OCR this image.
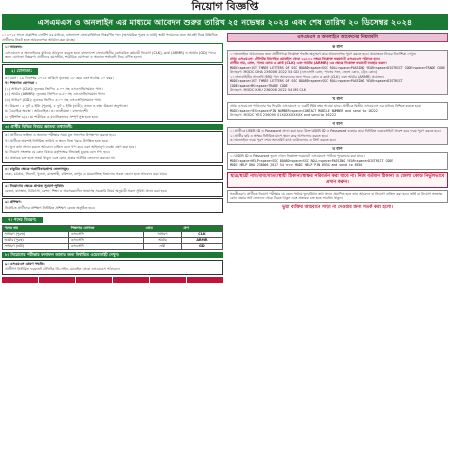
নিয়োগ বিজ্ঞপ্তি
এসএমএস ও অনলাইন এর মাধ্যমে আবেদন শুরুর তারিখ ২৫ নভেম্বর ২০২৪ এবং শেষ তারিখ ২০ ডিসেম্বর ২০২৪
১। ২০২৫ সালে প্রকাশিত নোটিশ এর মাধ্যমে, বাংলাদেশ সেনাবাহিনীতে নিম্নবর্ণিত পদে (অসামরিক পুরুষ ও নারী) স্থায়ী পদায়নের জন্য আগ্রহী নিম্নে উল্লিখিত প্রার্থীদের নিকট হতে আবেদনপত্র আহ্বান করা যাচ্ছে।
১। আবেদন:
এসএমএস ও অনলাইনের মাধ্যমে আবেদন করতে হবে। বাংলাদেশ সেনাবাহিনীর বেসামরিক কর্মচারী নিয়োগ (CLK), ক্লার্ক (ARMR) ও আর্মার (GD) পদের জন্য যোগ্যতা নিম্নরূপ। প্রার্থীদের বয়সসীমা, শারীরিক যোগ্যতা ও অন্যান্য শর্তাবলী নিচে বর্ণিত হলো।
২। যোগ্যতা:
ক। বয়স : ২৬ ডিসেম্বর ২০২৪ তারিখে ন্যূনতম ১৮ বছর এবং সর্বোচ্চ ২০ বছর।
খ। শিক্ষাগত যোগ্যতা :
(১) সাধারণ (CLK): ন্যূনতম জিপিএ ৪.০০ সহ এসএসসি/সমমান পাস।
(২) আর্মার (ARMR): ন্যূনতম জিপিএ ৩.৫০ সহ এসএসসি/সমমান পাস।
(৩) সাধারণ (GD): ন্যূনতম জিপিএ ৩.০০ সহ এসএসসি/সমমান পাস।
গ। উচ্চতা : ৫ ফুট ৬ ইঞ্চি (পুরুষ), ৫ ফুট ২ ইঞ্চি (নারী); ওজন ও বক্ষ: উচ্চতা অনুপাতে।
ঘ। বৈবাহিক অবস্থা : অবিবাহিত। ঙ। জাতীয়তা : বাংলাদেশী।
চ। দৃষ্টিশক্তি ৬/৬। ছ। শারীরিক ও মানসিকভাবে সম্পূর্ণ সুস্থ হতে হবে।
৩। প্রার্থীর বিভিন্ন বিষয়ে জ্ঞাতব্য তথ্যাবলী:
ক। প্রার্থীদের ভাইভা ও অন্যান্য পরীক্ষার সময় মূল সনদপত্র উপস্থাপন করতে হবে।
খ। প্রার্থীকে অবশ্যই নির্ধারিত তারিখ ও স্থানে নিজ খরচে উপস্থিত হতে হবে।
গ। ভুল তথ্য প্রদান করলে আবেদন বাতিল বলে গণ্য হবে এবং আইনানুগ ব্যবস্থা গ্রহণ করা হবে।
ঘ। নিয়োগ সংক্রান্ত যে কোন বিষয়ে কর্তৃপক্ষের সিদ্ধান্তই চূড়ান্ত বলে গণ্য হবে।
ঙ। প্রতারক চক্র হতে সতর্ক থাকুন এবং কোন প্রকার আর্থিক লেনদেন করবেন না।
৪। চাকুরির ক্ষেত্রে অগ্রাধিকারপ্রাপ্ত জেলাসমূহ:
ঢাকা, চট্টগ্রাম, সিলেট, খুলনা, রাজশাহী, বরিশাল, রংপুর ও ময়মনসিংহ বিভাগের সকল জেলা হতে আবেদন করা যাবে।
৫। নিয়োগের ক্ষেত্রে প্রাপ্তব্য সুযোগ-সুবিধা:
বেতন, বাসস্থান, চিকিৎসা, রেশন, শিক্ষা ও অবসরকালীন ভাতাসহ সরকারি নিয়ম অনুযায়ী সকল সুবিধা প্রদান করা হবে।
৬। প্রশিক্ষণ:
নির্বাচিত প্রার্থীদের প্রশিক্ষণ নির্ধারিত প্রশিক্ষণ কেন্দ্রে অনুষ্ঠিত হবে।
৭। পদের বিবরণ:
পদের নাম	শিক্ষাগত যোগ্যতা	কোড	গ্রুপ
সাধারণ (পুরুষ)	এসএসসি	সাধারণ	CLK
আর্মার (পুরুষ)	এসএসসি	আর্মার	ARMR
সাধারণ (নারী)	এসএসসি	নারী	GD
৮। নিয়োগের পরীক্ষার ফলাফল জানার জন্য নির্ধারিত ওয়েবসাইট দেখুন।
৯। এসএমএস প্রেরণ পদ্ধতি:
প্রার্থীগণ নির্ধারিত ফরম্যাটে টেলিটক প্রি-পেইড মোবাইল থেকে এসএমএস পাঠাবেন।
এসএমএস ও অনলাইনে আবেদনের নিয়মাবলি
ক ধাপ
১। অনলাইনে আবেদনের জন্য প্রার্থীগণকে নিম্নোক্ত পদ্ধতি অনুসরণ করে আবেদনপত্র পূরণ করতে হবে। প্রয়োজনে নিচের নির্দেশিকা দেখুন।
প্রথম এসএমএস: টেলিটক প্রিপেইড মোবাইল থেকে ১৬২২২ নম্বরে নিম্নোক্ত ফরম্যাটে এসএমএস পাঠাতে হবে।
প্রার্থীর নাম, রোল, পদের কোড ও ক্লার্ক (CLK) এবং আর্মার (ARMR) এর ক্ষেত্রে নিম্নোক্ত ফরম্যাট ব্যবহার করুন।
MODC<space>1ST THREE LETTERS OF SSC BOARD<space>SSC ROLL<space>PASSING YEAR<space>DISTRICT CODE<space>TRADE CODE
উদাহরণ: MODC DHA 236006 2022 54 GD (এসএসসি রোল, পাসের সাল, জেলা কোড, ট্রেড কোড)
২। সেনাবাহিনীর সার্জেন্ট (MS) পদে আবেদনের জন্য পদের কোড ও ক্লার্ক (CLK) এবং আর্মার (ARMR) প্রযোজ্য।
MODC<space>1ST THREE LETTERS OF SSC BOARD<space>SSC ROLL<space>PASSING YEAR<space>DISTRICT CODE<space>MS<space>TRADE CODE
উদাহরণ: MODC KHU 236006 2022 54 MS CLK
খ ধাপ
প্রথম এসএমএস পাঠানোর পর ফিরতি এসএমএস এ একটি PIN নম্বর পাওয়া যাবে। প্রার্থীকে দ্বিতীয় এসএমএস এর মাধ্যমে নিশ্চিত করতে হবে।
MODC<space>YES<space>PIN NUMBER<space>CONTACT MOBILE NUMBER and send to 16222
উদাহরণ: MODC YES 236090 01XXXXXXXXX and send to 16222
গ ধাপ
১। প্রার্থীকে USER ID ও Password প্রদান করা হবে। উক্ত USER ID ও Password ব্যবহার করে নির্ধারিত ওয়েবসাইটে প্রবেশ করে ফরম পূরণ করতে হবে।
২। প্রার্থীর ছবি ও স্বাক্ষর নির্ধারিত মাপে স্ক্যান করে আপলোড করতে হবে।
৩। অনলাইনে ফরম পূরণ শেষে অ্যাডমিট কার্ড ডাউনলোড ও প্রিন্ট করতে হবে।
ঘ ধাপ
১। USER ID ও Password ভুলে গেলে নিম্নোক্ত ফরম্যাটে এসএমএস পাঠিয়ে পুনরুদ্ধার করা যাবে।
MODC<space>HELP<space>SSC BOARD<space>SSC ROLL<space>PASSING YEAR<space>DISTRICT CODE
MODC HELP DHA 236006 2017 54 অথবা MODC HELP PIN 8934 and send to 6556
ছাত্র/ছাত্রী নাম/বাবা/মাতা/স্থায়ী ঠিকানা/স্বাক্ষর পরিবর্তন করা যাবে না। নিজ বর্তমান ঠিকানা ও জেলা কোড নির্ভুলভাবে প্রদান করুন।
সতর্কীকরণ: প্রার্থীকে নিয়োগ পরীক্ষার যে কোন পর্যায়ে ভুল/মিথ্যা তথ্য প্রদান প্রমাণিত হলে তার আবেদন বা নিয়োগ বাতিল করা হবে। ভর্তি বা নিয়োগ সংক্রান্ত কোন প্রকার অর্থ লেনদেন থেকে বিরত থাকুন এবং প্রতারক চক্র হতে সাবধান থাকুন।
ভুয়া ব্যক্তির আহবানে সাড়া না দেওয়ার জন্য সতর্ক করা হলো।
